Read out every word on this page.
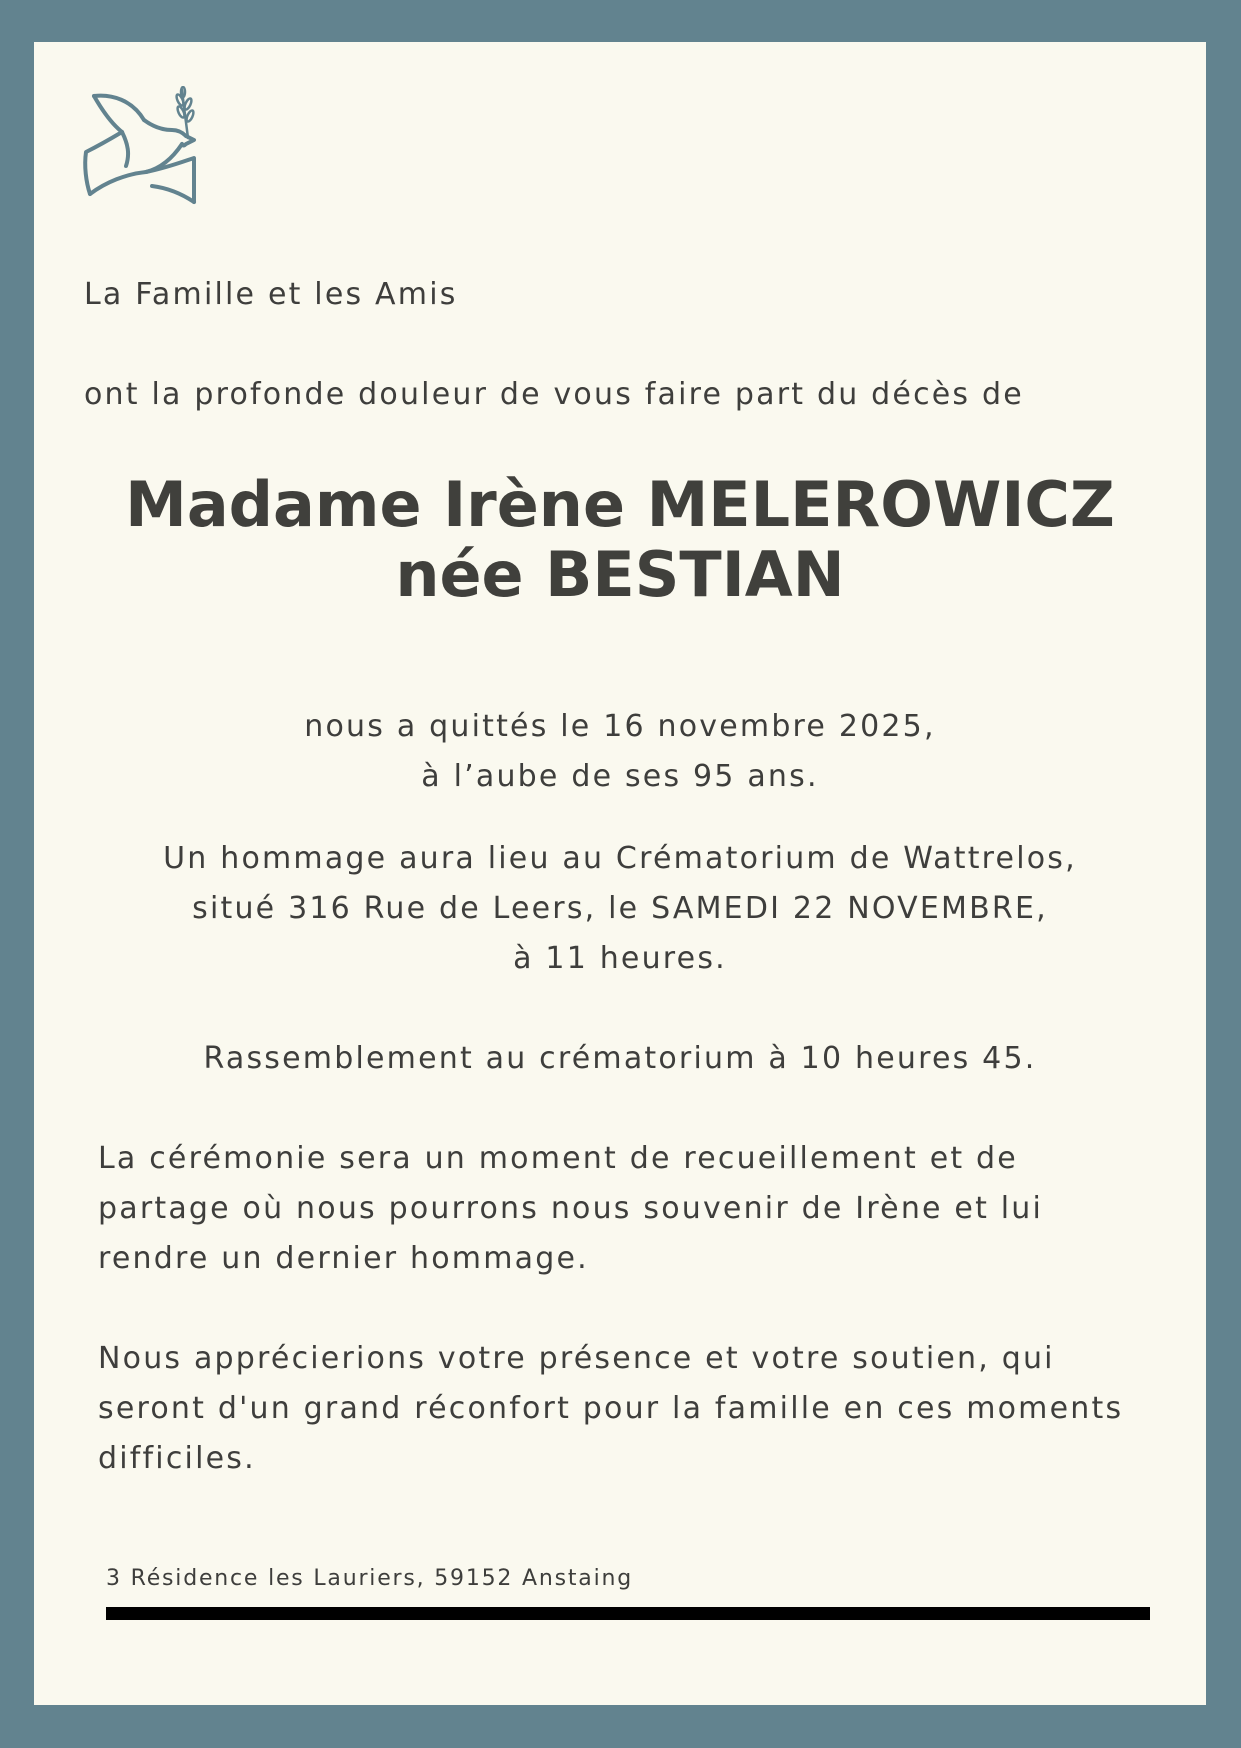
La Famille et les Amis

ont la profonde douleur de vous faire part du décès de

Madame Irène MELEROWICZ
née BESTIAN
nous a quittés le 16 novembre 2025,
à l’aube de ses 95 ans.
Un hommage aura lieu au Crématorium de Wattrelos,
situé 316 Rue de Leers, le SAMEDI 22 NOVEMBRE,
à 11 heures.

Rassemblement au crématorium à 10 heures 45.

La cérémonie sera un moment de recueillement et de partage où nous pourrons nous souvenir de Irène et lui rendre un dernier hommage.

Nous apprécierions votre présence et votre soutien, qui seront d'un grand réconfort pour la famille en ces moments difficiles.

3 Résidence les Lauriers, 59152 Anstaing
